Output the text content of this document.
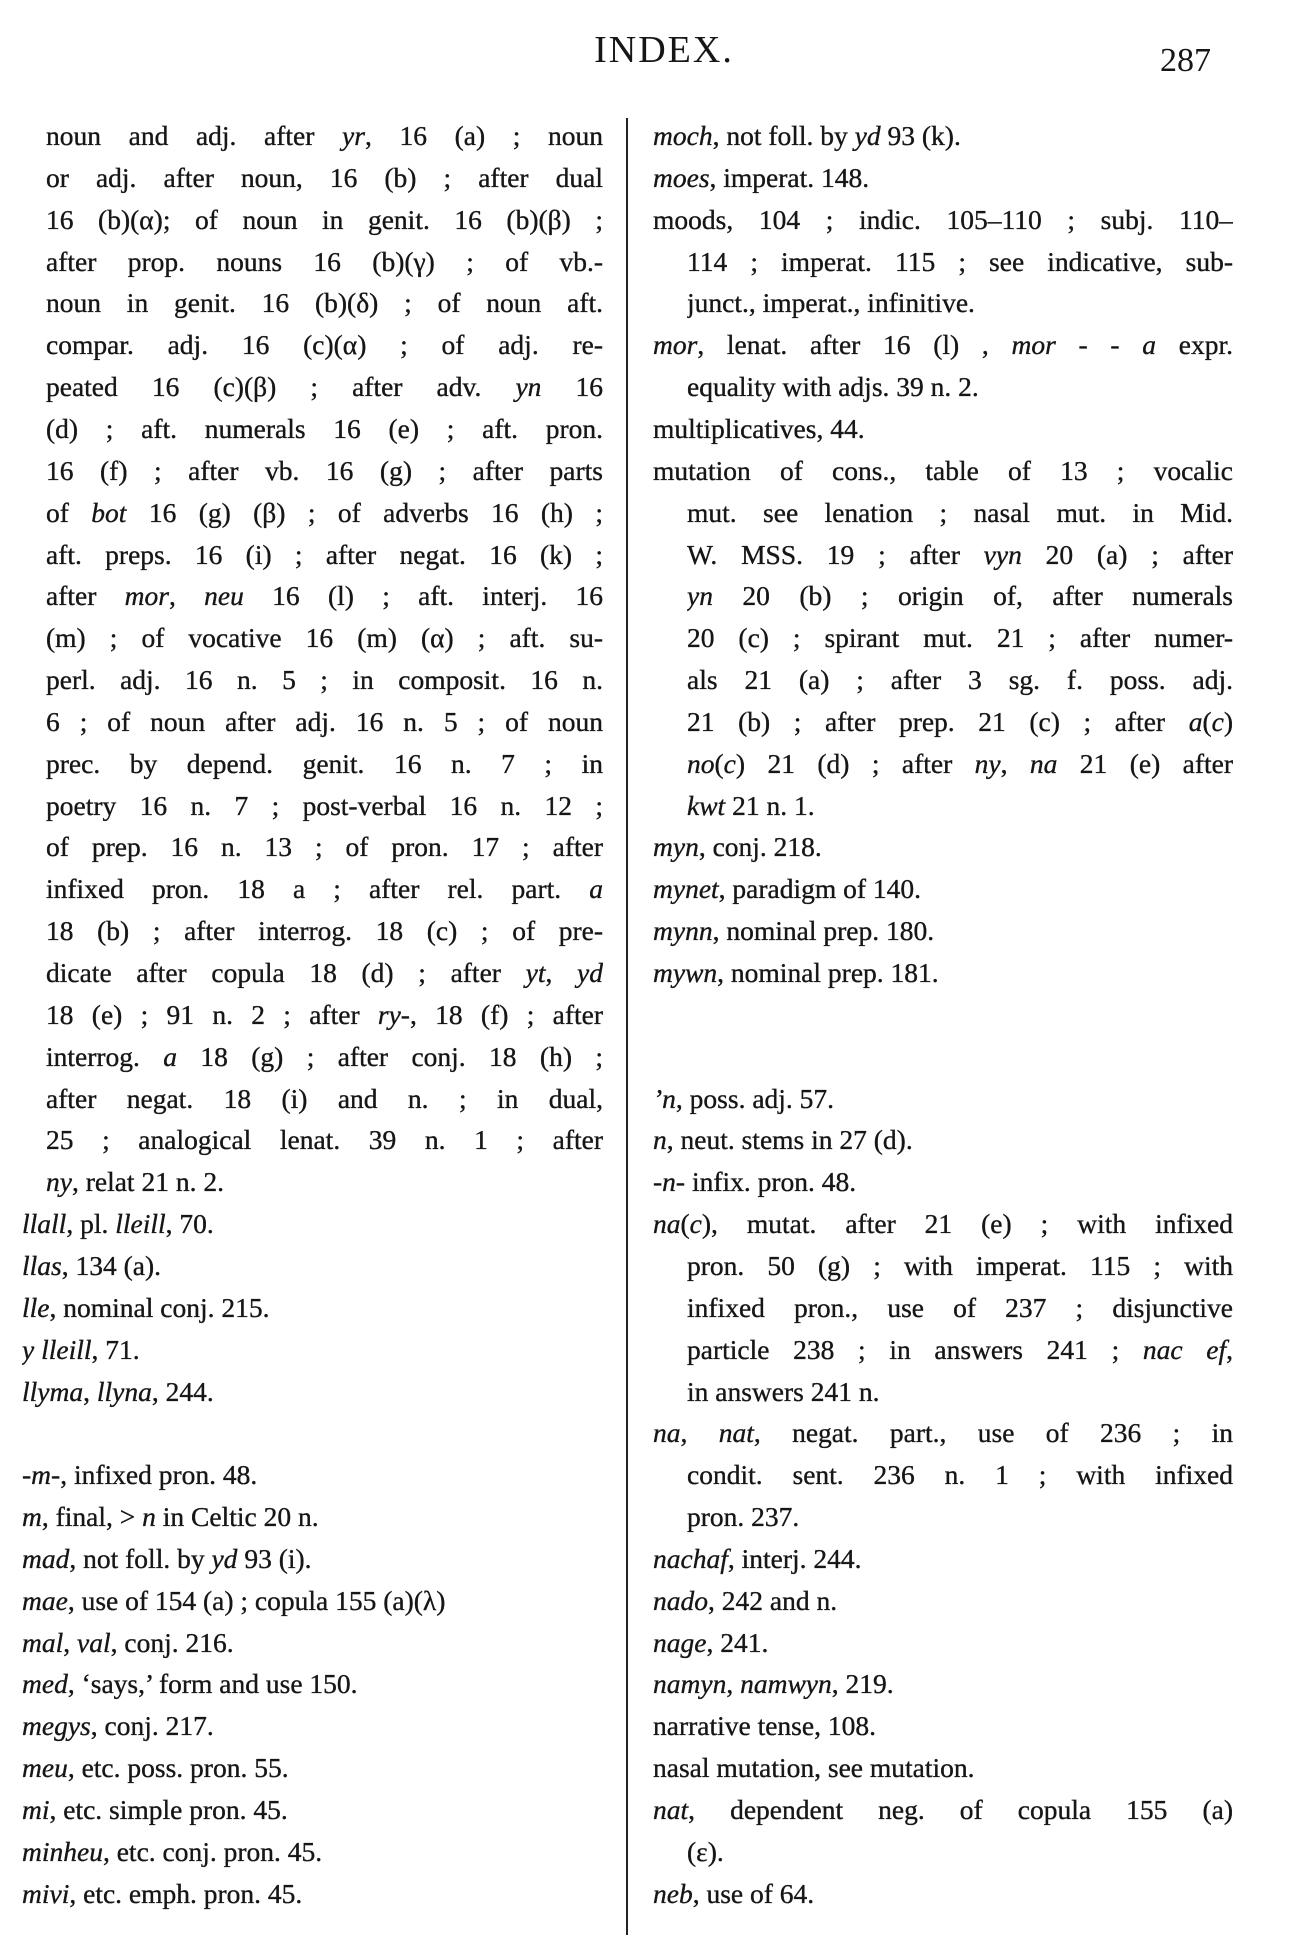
INDEX.	287
noun and adj. after yr, 16 (a) ; noun
or adj. after noun, 16 (b) ; after dual
16 (b)(α); of noun in genit. 16 (b)(β) ;
after prop. nouns 16 (b)(γ) ; of vb.-
noun in genit. 16 (b)(δ) ; of noun aft.
compar. adj. 16 (c)(α) ; of adj. re-
peated 16 (c)(β) ; after adv. yn 16
(d) ; aft. numerals 16 (e) ; aft. pron.
16 (f) ; after vb. 16 (g) ; after parts
of bot 16 (g) (β) ; of adverbs 16 (h) ;
aft. preps. 16 (i) ; after negat. 16 (k) ;
after mor, neu 16 (l) ; aft. interj. 16
(m) ; of vocative 16 (m) (α) ; aft. su-
perl. adj. 16 n. 5 ; in composit. 16 n.
6 ; of noun after adj. 16 n. 5 ; of noun
prec. by depend. genit. 16 n. 7 ; in
poetry 16 n. 7 ; post-verbal 16 n. 12 ;
of prep. 16 n. 13 ; of pron. 17 ; after
infixed pron. 18 a ; after rel. part. a
18 (b) ; after interrog. 18 (c) ; of pre-
dicate after copula 18 (d) ; after yt, yd
18 (e) ; 91 n. 2 ; after ry-, 18 (f) ; after
interrog. a 18 (g) ; after conj. 18 (h) ;
after negat. 18 (i) and n. ; in dual,
25 ; analogical lenat. 39 n. 1 ; after
ny, relat 21 n. 2.
llall, pl. lleill, 70.
llas, 134 (a).
lle, nominal conj. 215.
y lleill, 71.
llyma, llyna, 244.
-m-, infixed pron. 48.
m, final, > n in Celtic 20 n.
mad, not foll. by yd 93 (i).
mae, use of 154 (a) ; copula 155 (a)(λ)
mal, val, conj. 216.
med, ‘says,’ form and use 150.
megys, conj. 217.
meu, etc. poss. pron. 55.
mi, etc. simple pron. 45.
minheu, etc. conj. pron. 45.
mivi, etc. emph. pron. 45.
moch, not foll. by yd 93 (k).
moes, imperat. 148.
moods, 104 ; indic. 105–110 ; subj. 110–
114 ; imperat. 115 ; see indicative, sub-
junct., imperat., infinitive.
mor, lenat. after 16 (l) , mor - - a expr.
equality with adjs. 39 n. 2.
multiplicatives, 44.
mutation of cons., table of 13 ; vocalic
mut. see lenation ; nasal mut. in Mid.
W. MSS. 19 ; after vyn 20 (a) ; after
yn 20 (b) ; origin of, after numerals
20 (c) ; spirant mut. 21 ; after numer-
als 21 (a) ; after 3 sg. f. poss. adj.
21 (b) ; after prep. 21 (c) ; after a(c)
no(c) 21 (d) ; after ny, na 21 (e) after
kwt 21 n. 1.
myn, conj. 218.
mynet, paradigm of 140.
mynn, nominal prep. 180.
mywn, nominal prep. 181.
’n, poss. adj. 57.
n, neut. stems in 27 (d).
-n- infix. pron. 48.
na(c), mutat. after 21 (e) ; with infixed
pron. 50 (g) ; with imperat. 115 ; with
infixed pron., use of 237 ; disjunctive
particle 238 ; in answers 241 ; nac ef,
in answers 241 n.
na, nat, negat. part., use of 236 ; in
condit. sent. 236 n. 1 ; with infixed
pron. 237.
nachaf, interj. 244.
nado, 242 and n.
nage, 241.
namyn, namwyn, 219.
narrative tense, 108.
nasal mutation, see mutation.
nat, dependent neg. of copula 155 (a)
(ε).
neb, use of 64.
